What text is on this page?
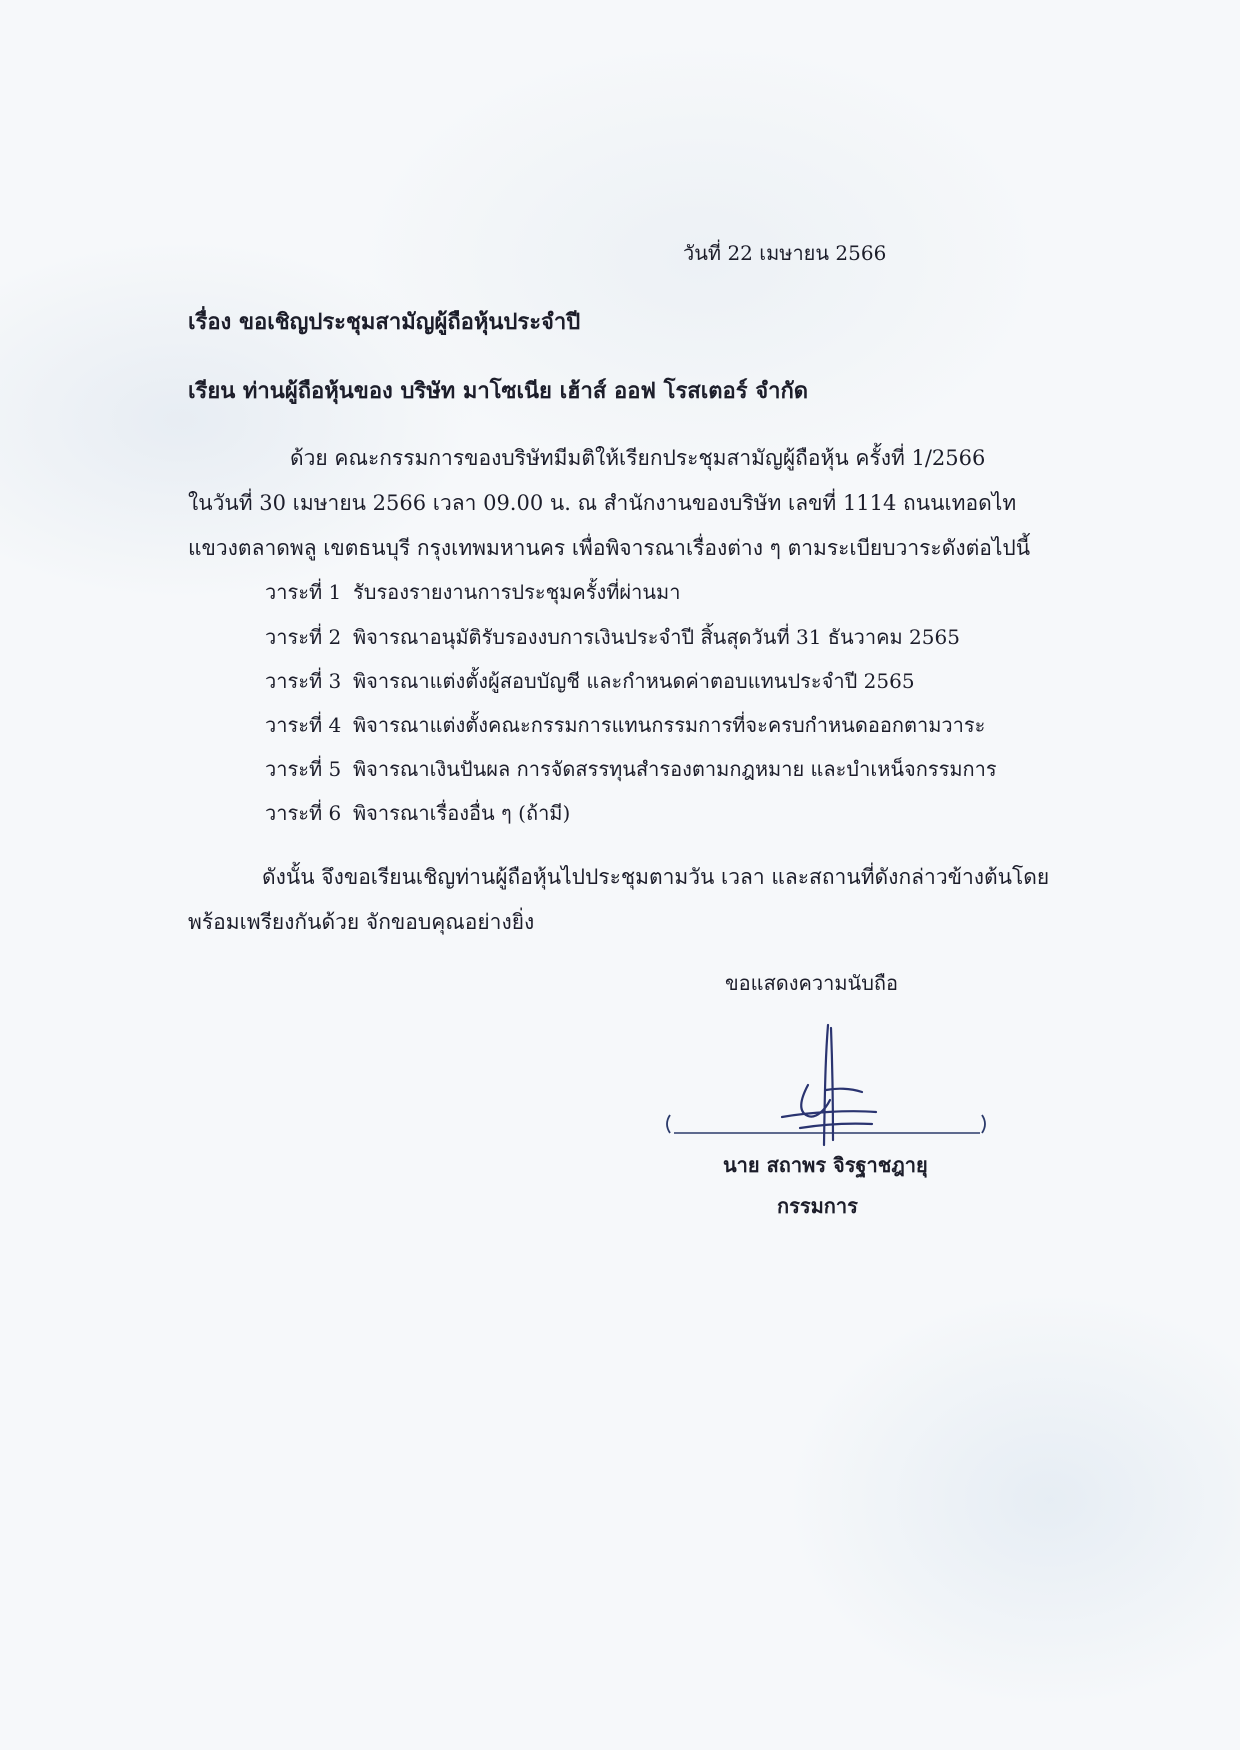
วันที่ 22 เมษายน 2566
เรื่อง ขอเชิญประชุมสามัญผู้ถือหุ้นประจำปี
เรียน ท่านผู้ถือหุ้นของ บริษัท มาโซเนีย เฮ้าส์ ออฟ โรสเตอร์ จำกัด
ด้วย คณะกรรมการของบริษัทมีมติให้เรียกประชุมสามัญผู้ถือหุ้น ครั้งที่ 1/2566
ในวันที่ 30 เมษายน 2566 เวลา 09.00 น. ณ สำนักงานของบริษัท เลขที่ 1114 ถนนเทอดไท
แขวงตลาดพลู เขตธนบุรี กรุงเทพมหานคร เพื่อพิจารณาเรื่องต่าง ๆ ตามระเบียบวาระดังต่อไปนี้
วาระที่ 1 รับรองรายงานการประชุมครั้งที่ผ่านมา
วาระที่ 2 พิจารณาอนุมัติรับรองงบการเงินประจำปี สิ้นสุดวันที่ 31 ธันวาคม 2565
วาระที่ 3 พิจารณาแต่งตั้งผู้สอบบัญชี และกำหนดค่าตอบแทนประจำปี 2565
วาระที่ 4 พิจารณาแต่งตั้งคณะกรรมการแทนกรรมการที่จะครบกำหนดออกตามวาระ
วาระที่ 5 พิจารณาเงินปันผล การจัดสรรทุนสำรองตามกฎหมาย และบำเหน็จกรรมการ
วาระที่ 6 พิจารณาเรื่องอื่น ๆ (ถ้ามี)
ดังนั้น จึงขอเรียนเชิญท่านผู้ถือหุ้นไปประชุมตามวัน เวลา และสถานที่ดังกล่าวข้างต้นโดย
พร้อมเพรียงกันด้วย จักขอบคุณอย่างยิ่ง
ขอแสดงความนับถือ
นาย สถาพร จิรฐาชฎายุ
กรรมการ
